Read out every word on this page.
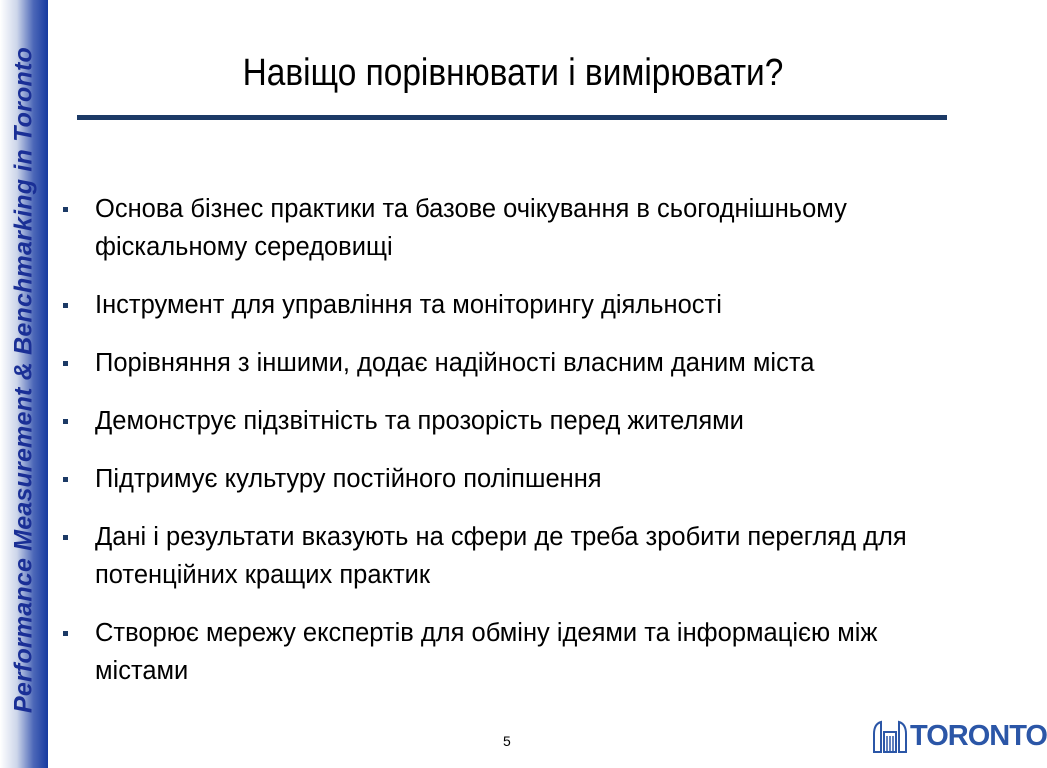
Performance Measurement & Benchmarking in Toronto	Навіщо порівнювати і вимірювати?
Основа бізнес практики та базове очікування в сьогоднішньому фіскальному середовищі
Інструмент для управління та моніторингу діяльності
Порівняння з іншими, додає надійності власним даним міста
Демонструє підзвітність та прозорість перед жителями
Підтримує культуру постійного поліпшення
Дані і результати вказують на сфери де треба зробити перегляд для потенційних кращих практик
Створює мережу експертів для обміну ідеями та інформацією між містами
5	TORONTO
